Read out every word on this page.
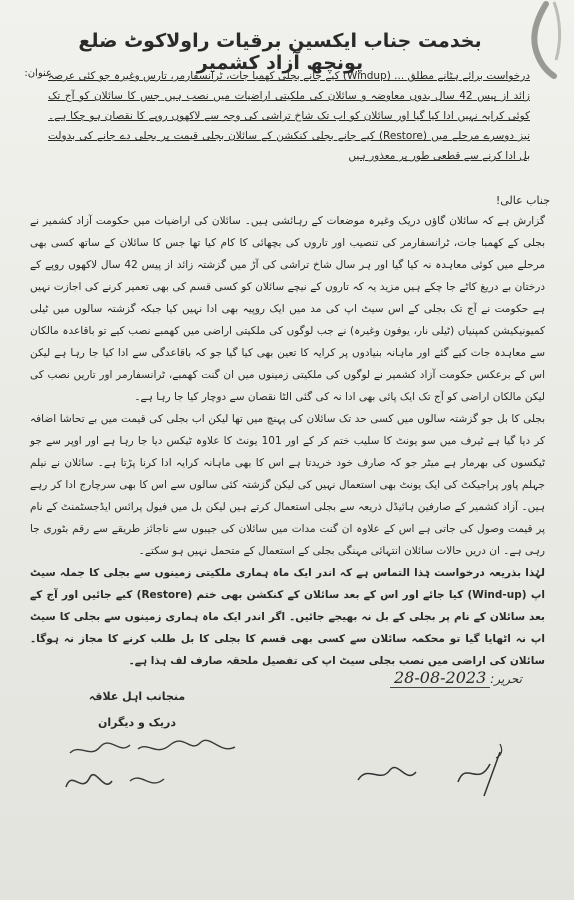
بخدمت جناب ایکسین برقیات راولاکوٹ ضلع پونچھ آزاد کشمیر
عنوان:
درخواست برائے ہٹانے مطلق ... (Windup) کیے جانے بجلی کھمبا جات، ٹرانسفارمر، تارس وغیرہ جو کئی عرصہ زائد از پیس 42 سال بدوں معاوضہ و سائلان کی ملکیتی اراضیات میں نصب ہیں جس کا سائلان کو آج تک کوئی کرایہ نہیں ادا کیا گیا اور سائلان کو اب تک شاخ تراشی کی وجہ سے لاکھوں روپے کا نقصان ہو چکا ہے۔ نیز دوسرے مرحلے میں (Restore) کیے جانے بجلی کنکشن کے سائلان بجلی قیمت پر بجلی دے جانے کی بدولت بل ادا کرنے سے قطعی طور پر معذور ہیں
جناب عالی!

گزارش ہے کہ سائلان گاؤں دریک وغیرہ موضعات کے رہائشی ہیں۔ سائلان کی اراضیات میں حکومت آزاد کشمیر نے بجلی کے کھمبا جات، ٹرانسفارمر کی تنصیب اور تاروں کی بچھائی کا کام کیا تھا جس کا سائلان کے ساتھ کسی بھی مرحلے میں کوئی معاہدہ نہ کیا گیا اور ہر سال شاخ تراشی کی آڑ میں گزشتہ زائد از پیس 42 سال لاکھوں روپے کے درختان بے دریغ کاٹے جا چکے ہیں مزید یہ کہ تاروں کے نیچے سائلان کو کسی قسم کی بھی تعمیر کرنے کی اجازت نہیں ہے حکومت نے آج تک بجلی کے اس سیٹ اپ کی مد میں ایک روپیہ بھی ادا نہیں کیا جبکہ گزشتہ سالوں میں ٹیلی کمیونیکیشن کمپنیاں (ٹیلی نار، یوفون وغیرہ) نے جب لوگوں کی ملکیتی اراضی میں کھمبے نصب کیے تو باقاعدہ مالکان سے معاہدہ جات کیے گئے اور ماہانہ بنیادوں پر کرایہ کا تعین بھی کیا گیا جو کہ باقاعدگی سے ادا کیا جا رہا ہے لیکن اس کے برعکس حکومت آزاد کشمیر نے لوگوں کی ملکیتی زمینوں میں ان گنت کھمبے، ٹرانسفارمر اور تاریں نصب کی لیکن مالکان اراضی کو آج تک ایک پائی بھی ادا نہ کی گئی الٹا نقصان سے دوچار کیا جا رہا ہے۔

بجلی کا بل جو گزشتہ سالوں میں کسی حد تک سائلان کی پہنچ میں تھا لیکن اب بجلی کی قیمت میں بے تحاشا اضافہ کر دیا گیا ہے ٹیرف میں سو یونٹ کا سلیب ختم کر کے اور 101 یونٹ کا علاوہ ٹیکس دیا جا رہا ہے اور اوپر سے جو ٹیکسوں کی بھرمار ہے میٹر جو کہ صارف خود خریدتا ہے اس کا بھی ماہانہ کرایہ ادا کرنا پڑتا ہے۔ سائلان نے نیلم جہلم پاور پراجیکٹ کی ایک یونٹ بھی استعمال نہیں کی لیکن گزشتہ کئی سالوں سے اس کا بھی سرچارج ادا کر رہے ہیں۔ آزاد کشمیر کے صارفین ہائیڈل ذریعہ سے بجلی استعمال کرتے ہیں لیکن بل میں فیول پرائس ایڈجسٹمنٹ کے نام پر قیمت وصول کی جاتی ہے اس کے علاوہ ان گنت مدات میں سائلان کی جیبوں سے ناجائز طریقے سے رقم بٹوری جا رہی ہے۔ ان دریں حالات سائلان انتہائی مہنگی بجلی کے استعمال کے متحمل نہیں ہو سکتے۔

لہٰذا بذریعہ درخواست ہٰذا التماس ہے کہ اندر ایک ماہ ہماری ملکیتی زمینوں سے بجلی کا جملہ سیٹ اپ (Wind-up) کیا جائے اور اس کے بعد سائلان کے کنکشن بھی ختم (Restore) کیے جائیں اور آج کے بعد سائلان کے نام پر بجلی کے بل نہ بھیجے جائیں۔ اگر اندر ایک ماہ ہماری زمینوں سے بجلی کا سیٹ اپ نہ اٹھایا گیا تو محکمہ سائلان سے کسی بھی قسم کا بجلی کا بل طلب کرنے کا مجاز نہ ہوگا۔ سائلان کی اراضی میں نصب بجلی سیٹ اپ کی تفصیل ملحقہ صارف لف ہذا ہے۔

تحریر:
28-08-2023
منجانب اہل علاقہ
دریک و دیگران
